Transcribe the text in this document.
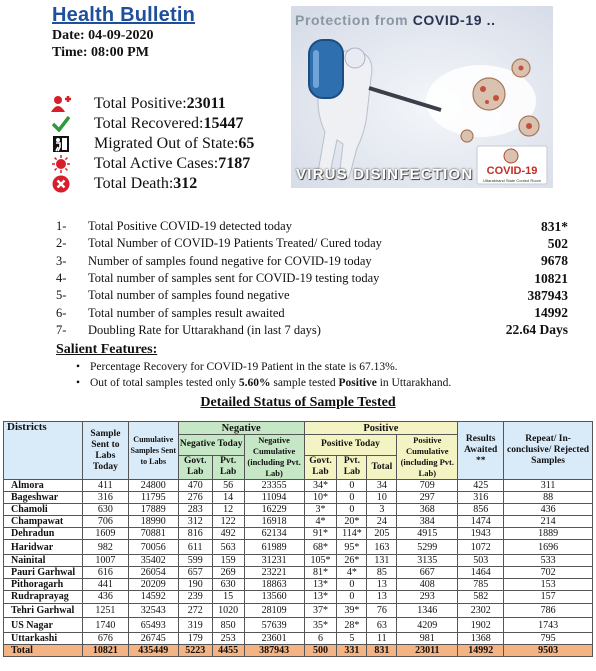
Health Bulletin
Date: 04-09-2020
Time: 08:00 PM
COVID-19
Uttarakhand State Control Room
Protection from COVID-19 ..
VIRUS DISINFECTION
Total Positive: 23011
Total Recovered: 15447
Migrated Out of State: 65
Total Active Cases: 7187
Total Death: 312
1-	Total Positive COVID-19 detected today	831*
2-	Total Number of COVID-19 Patients Treated/ Cured today	502
3-	Number of samples found negative for COVID-19 today	9678
4-	Total number of samples sent for COVID-19 testing today	10821
5-	Total number of samples found negative	387943
6-	Total number of samples result awaited	14992
7-	Doubling Rate for Uttarakhand (in last 7 days)	22.64 Days
Salient Features:
• Percentage Recovery for COVID-19 Patient in the state is 67.13%.
• Out of total samples tested only 5.60% sample tested Positive in Uttarakhand.
Detailed Status of Sample Tested
Districts	Sample Sent to Labs Today	Cumulative Samples Sent to Labs	Negative			Positive				Results Awaited **	Repeat/ In-conclusive/ Rejected Samples
			Negative Today		Negative Cumulative (including Pvt. Lab)	Positive Today			Positive Cumulative (including Pvt. Lab)		
			Govt. Lab	Pvt. Lab		Govt. Lab	Pvt. Lab	Total			
Almora	411	24800	470	56	23355	34*	0	34	709	425	311
Bageshwar	316	11795	276	14	11094	10*	0	10	297	316	88
Chamoli	630	17889	283	12	16229	3*	0	3	368	856	436
Champawat	706	18990	312	122	16918	4*	20*	24	384	1474	214
Dehradun	1609	70881	816	492	62134	91*	114*	205	4915	1943	1889
Haridwar	982	70056	611	563	61989	68*	95*	163	5299	1072	1696
Nainital	1007	35402	599	159	31231	105*	26*	131	3135	503	533
Pauri Garhwal	616	26054	657	269	23221	81*	4*	85	667	1464	702
Pithoragarh	441	20209	190	630	18863	13*	0	13	408	785	153
Rudraprayag	436	14592	239	15	13560	13*	0	13	293	582	157
Tehri Garhwal	1251	32543	272	1020	28109	37*	39*	76	1346	2302	786
US Nagar	1740	65493	319	850	57639	35*	28*	63	4209	1902	1743
Uttarkashi	676	26745	179	253	23601	6	5	11	981	1368	795
Total	10821	435449	5223	4455	387943	500	331	831	23011	14992	9503
